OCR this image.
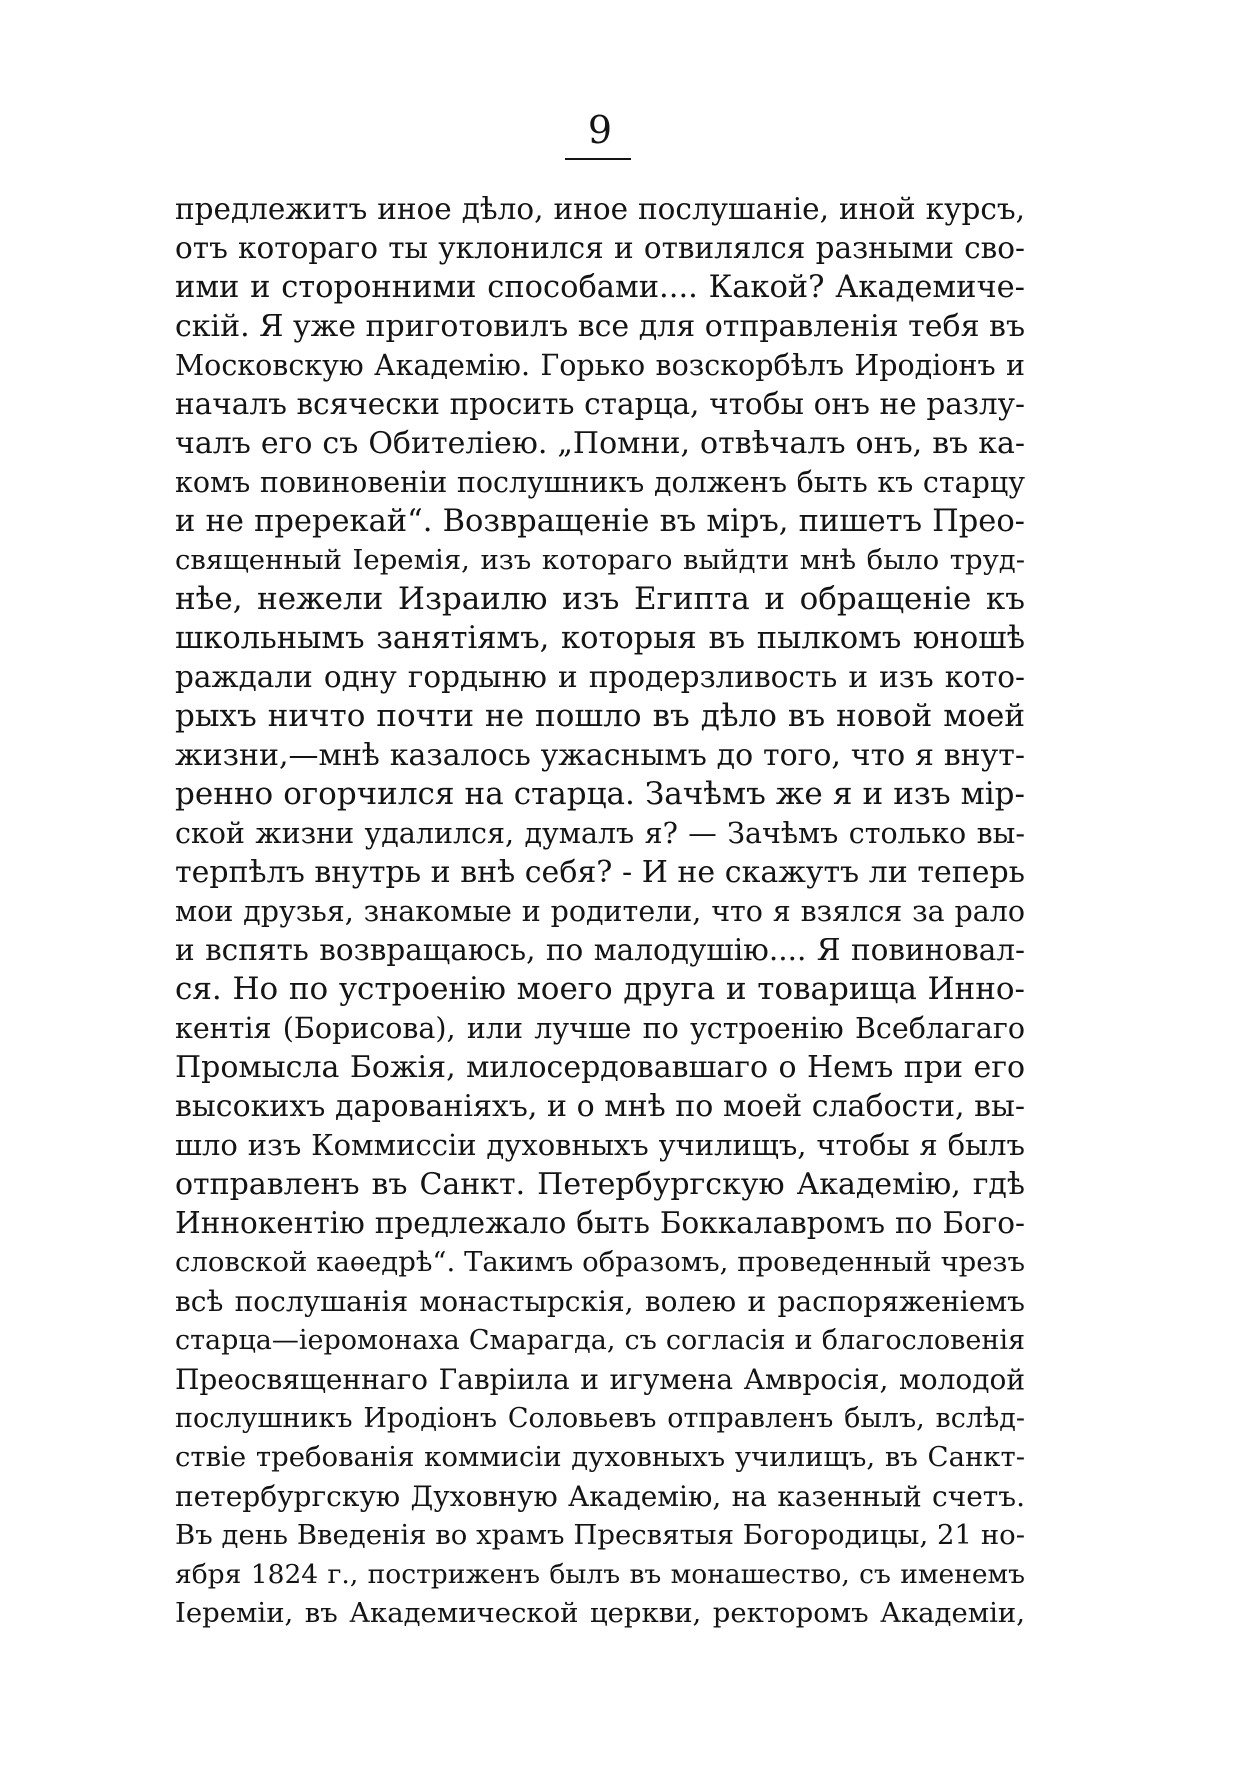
9
предлежитъ иное дѣло, иное послушаніе, иной курсъ,
отъ котораго ты уклонился и отвилялся разными сво-
ими и сторонними способами.... Какой? Академиче-
скій. Я уже приготовилъ все для отправленія тебя въ
Московскую Академію. Горько возскорбѣлъ Иродіонъ и
началъ всячески просить старца, чтобы онъ не разлу-
чалъ его съ Обителіею. „Помни, отвѣчалъ онъ, въ ка-
комъ повиновеніи послушникъ долженъ быть къ старцу
и не пререкай“. Возвращеніе въ міръ, пишетъ Прео-
священный Іеремія, изъ котораго выйдти мнѣ было труд-
нѣе, нежели Израилю изъ Египта и обращеніе къ
школьнымъ занятіямъ, которыя въ пылкомъ юношѣ
раждали одну гордыню и продерзливость и изъ кото-
рыхъ ничто почти не пошло въ дѣло въ новой моей
жизни,—мнѣ казалось ужаснымъ до того, что я внут-
ренно огорчился на старца. Зачѣмъ же я и изъ мір-
ской жизни удалился, думалъ я? — Зачѣмъ столько вы-
терпѣлъ внутрь и внѣ себя? - И не скажутъ ли теперь
мои друзья, знакомые и родители, что я взялся за рало
и вспять возвращаюсь, по малодушію.... Я повиновал-
ся. Но по устроенію моего друга и товарища Инно-
кентія (Борисова), или лучше по устроенію Всеблагаго
Промысла Божія, милосердовавшаго о Немъ при его
высокихъ дарованіяхъ, и о мнѣ по моей слабости, вы-
шло изъ Коммиссіи духовныхъ училищъ, чтобы я былъ
отправленъ въ Санкт. Петербургскую Академію, гдѣ
Иннокентію предлежало быть Боккалавромъ по Бого-
словской каѳедрѣ“. Такимъ образомъ, проведенный чрезъ
всѣ послушанія монастырскія, волею и распоряженіемъ
старца—іеромонаха Смарагда, съ согласія и благословенія
Преосвященнаго Гавріила и игумена Амвросія, молодой
послушникъ Иродіонъ Соловьевъ отправленъ былъ, вслѣд-
ствіе требованія коммисіи духовныхъ училищъ, въ Санкт-
петербургскую Духовную Академію, на казенный счетъ.
Въ день Введенія во храмъ Пресвятыя Богородицы, 21 но-
ября 1824 г., постриженъ былъ въ монашество, съ именемъ
Іереміи, въ Академической церкви, ректоромъ Академіи,
